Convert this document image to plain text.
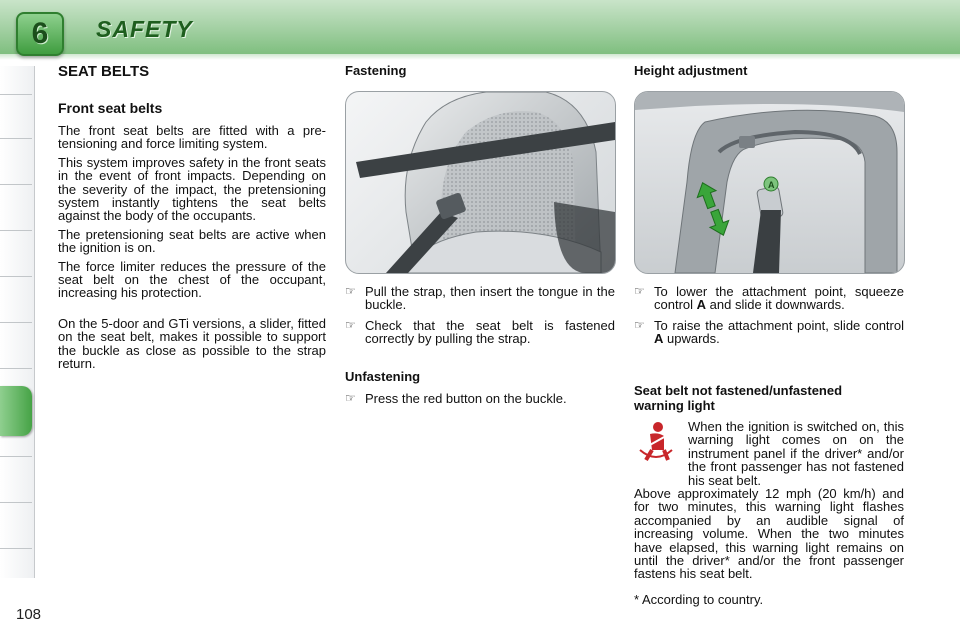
6	SAFETY
108
SEAT BELTS
Front seat belts

The front seat belts are fitted with a pre-tensioning and force limiting system.

This system improves safety in the front seats in the event of front impacts. Depending on the severity of the impact, the pretensioning system instantly tightens the seat belts against the body of the occupants.

The pretensioning seat belts are active when the ignition is on.

The force limiter reduces the pressure of the seat belt on the chest of the occupant, increasing his protection.

On the 5-door and GTi versions, a slider, fitted on the seat belt, makes it possible to support the buckle as close as possible to the strap return.

Fastening
☞ Pull the strap, then insert the tongue in the buckle.
☞ Check that the seat belt is fastened correctly by pulling the strap.
Unfastening
☞ Press the red button on the buckle.
Height adjustment
A
☞ To lower the attachment point, squeeze control A and slide it downwards.
☞ To raise the attachment point, slide control A upwards.
Seat belt not fastened/unfastened
warning light

When the ignition is switched on, this warning light comes on on the instrument panel if the driver* and/or the front passenger has not fastened his seat belt.

Above approximately 12 mph (20 km/h) and for two minutes, this warning light flashes accompanied by an audible signal of increasing volume. When the two minutes have elapsed, this warning light remains on until the driver* and/or the front passenger fastens his seat belt.

* According to country.
